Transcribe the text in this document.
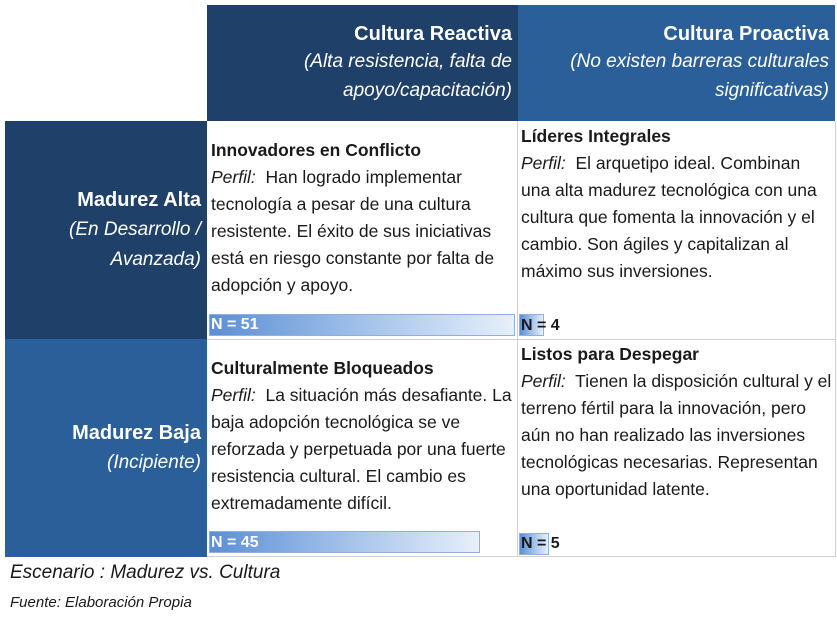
Cultura Reactiva
(Alta resistencia, falta de
apoyo/capacitación)
Cultura Proactiva
(No existen barreras culturales
significativas)
Madurez Alta
(En Desarrollo /
Avanzada)
Madurez Baja
(Incipiente)

Innovadores en Conflicto

Perfil: Han logrado implementar tecnología a pesar de una cultura resistente. El éxito de sus iniciativas está en riesgo constante por falta de adopción y apoyo.

N = 51

Líderes Integrales

Perfil: El arquetipo ideal. Combinan una alta madurez tecnológica con una cultura que fomenta la innovación y el cambio. Son ágiles y capitalizan al máximo sus inversiones.

N = 4

Culturalmente Bloqueados

Perfil: La situación más desafiante. La baja adopción tecnológica se ve reforzada y perpetuada por una fuerte resistencia cultural. El cambio es extremadamente difícil.

N = 45

Listos para Despegar

Perfil: Tienen la disposición cultural y el terreno fértil para la innovación, pero aún no han realizado las inversiones tecnológicas necesarias. Representan una oportunidad latente.

N = 5
Escenario : Madurez vs. Cultura
Fuente: Elaboración Propia
